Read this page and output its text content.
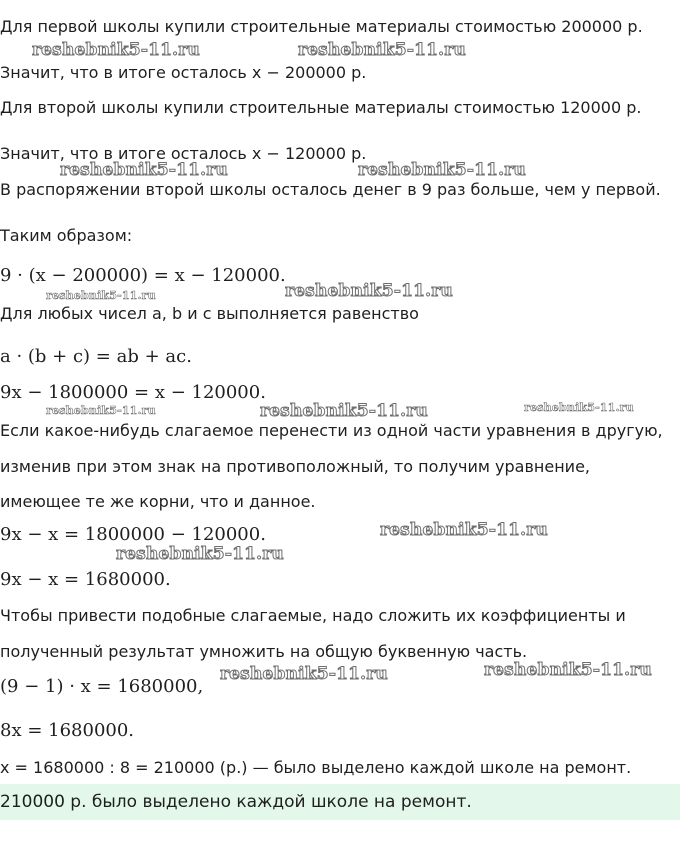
Для первой школы купили строительные материалы стоимостью 200000 р.
Значит, что в итоге осталось x − 200000 р.
Для второй школы купили строительные материалы стоимостью 120000 р.
Значит, что в итоге осталось x − 120000 р.
В распоряжении второй школы осталось денег в 9 раз больше, чем у первой.
Таким образом:
9 · (x − 200000) = x − 120000.
Для любых чисел a, b и c выполняется равенство
a · (b + c) = ab + ac.
9x − 1800000 = x − 120000.
Если какое-нибудь слагаемое перенести из одной части уравнения в другую,
изменив при этом знак на противоположный, то получим уравнение,
имеющее те же корни, что и данное.
9x − x = 1800000 − 120000.
9x − x = 1680000.
Чтобы привести подобные слагаемые, надо сложить их коэффициенты и
полученный результат умножить на общую буквенную часть.
(9 − 1) · x = 1680000,
8x = 1680000.
x = 1680000 : 8 = 210000 (р.) — было выделено каждой школе на ремонт.
210000 р. было выделено каждой школе на ремонт.
reshebnik5-11.ru	reshebnik5-11.ru
reshebnik5-11.ru	reshebnik5-11.ru
reshebnik5-11.ru	reshebnik5-11.ru
reshebnik5-11.ru	reshebnik5-11.ru	reshebnik5-11.ru
reshebnik5-11.ru
reshebnik5-11.ru
reshebnik5-11.ru	reshebnik5-11.ru
